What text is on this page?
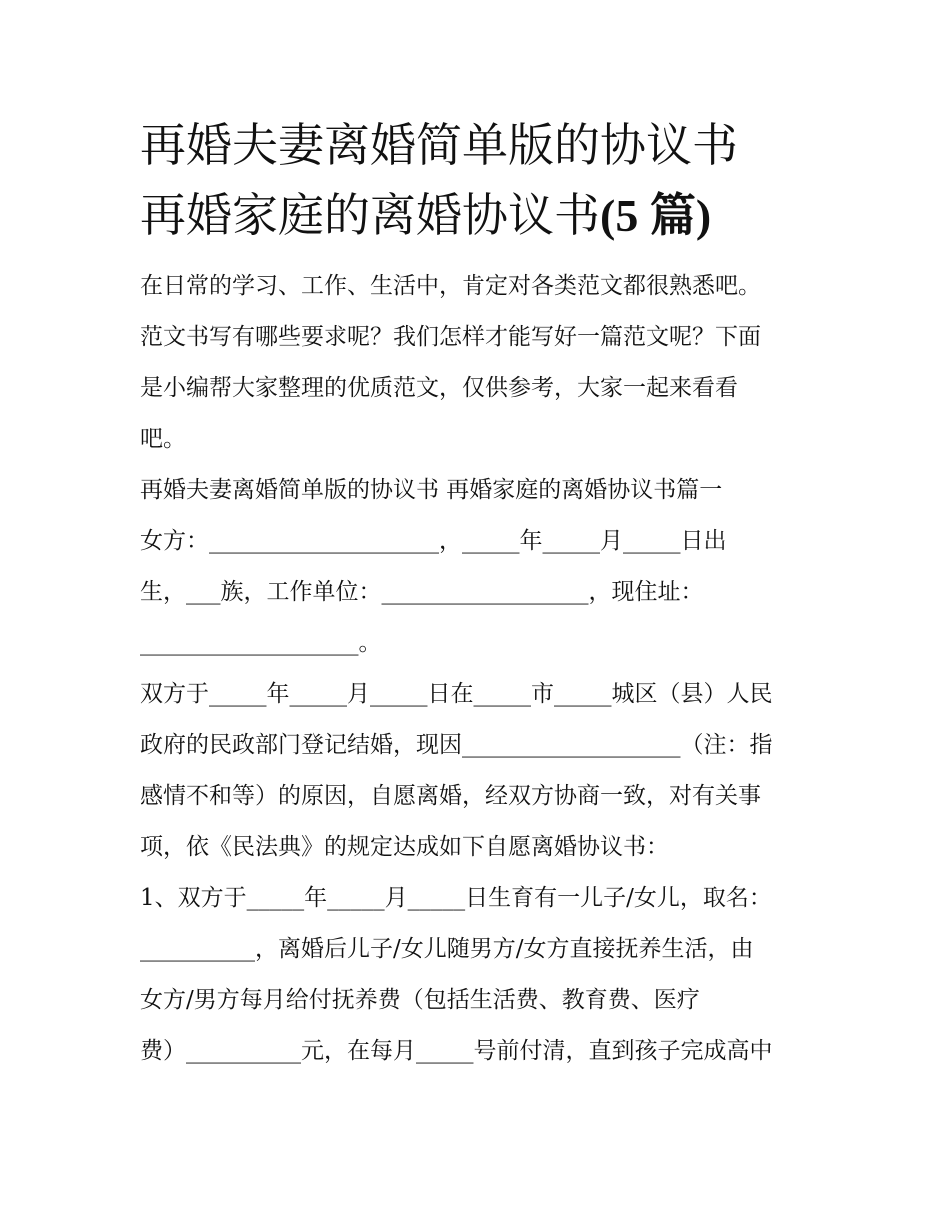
再婚夫妻离婚简单版的协议书
再婚家庭的离婚协议书(5 篇)
在日常的学习、工作、生活中，肯定对各类范文都很熟悉吧。
范文书写有哪些要求呢？我们怎样才能写好一篇范文呢？下面
是小编帮大家整理的优质范文，仅供参考，大家一起来看看
吧。
再婚夫妻离婚简单版的协议书 再婚家庭的离婚协议书篇一
女方：____________________，_____年_____月_____日出
生，___族，工作单位：__________________，现住址：
___________________。
双方于_____年_____月_____日在_____市_____城区（县）人民
政府的民政部门登记结婚，现因___________________（注：指
感情不和等）的原因，自愿离婚，经双方协商一致，对有关事
项，依《民法典》的规定达成如下自愿离婚协议书：
1、双方于_____年_____月_____日生育有一儿子/女儿，取名：
__________，离婚后儿子/女儿随男方/女方直接抚养生活，由
女方/男方每月给付抚养费（包括生活费、教育费、医疗
费）__________元，在每月_____号前付清，直到孩子完成高中
